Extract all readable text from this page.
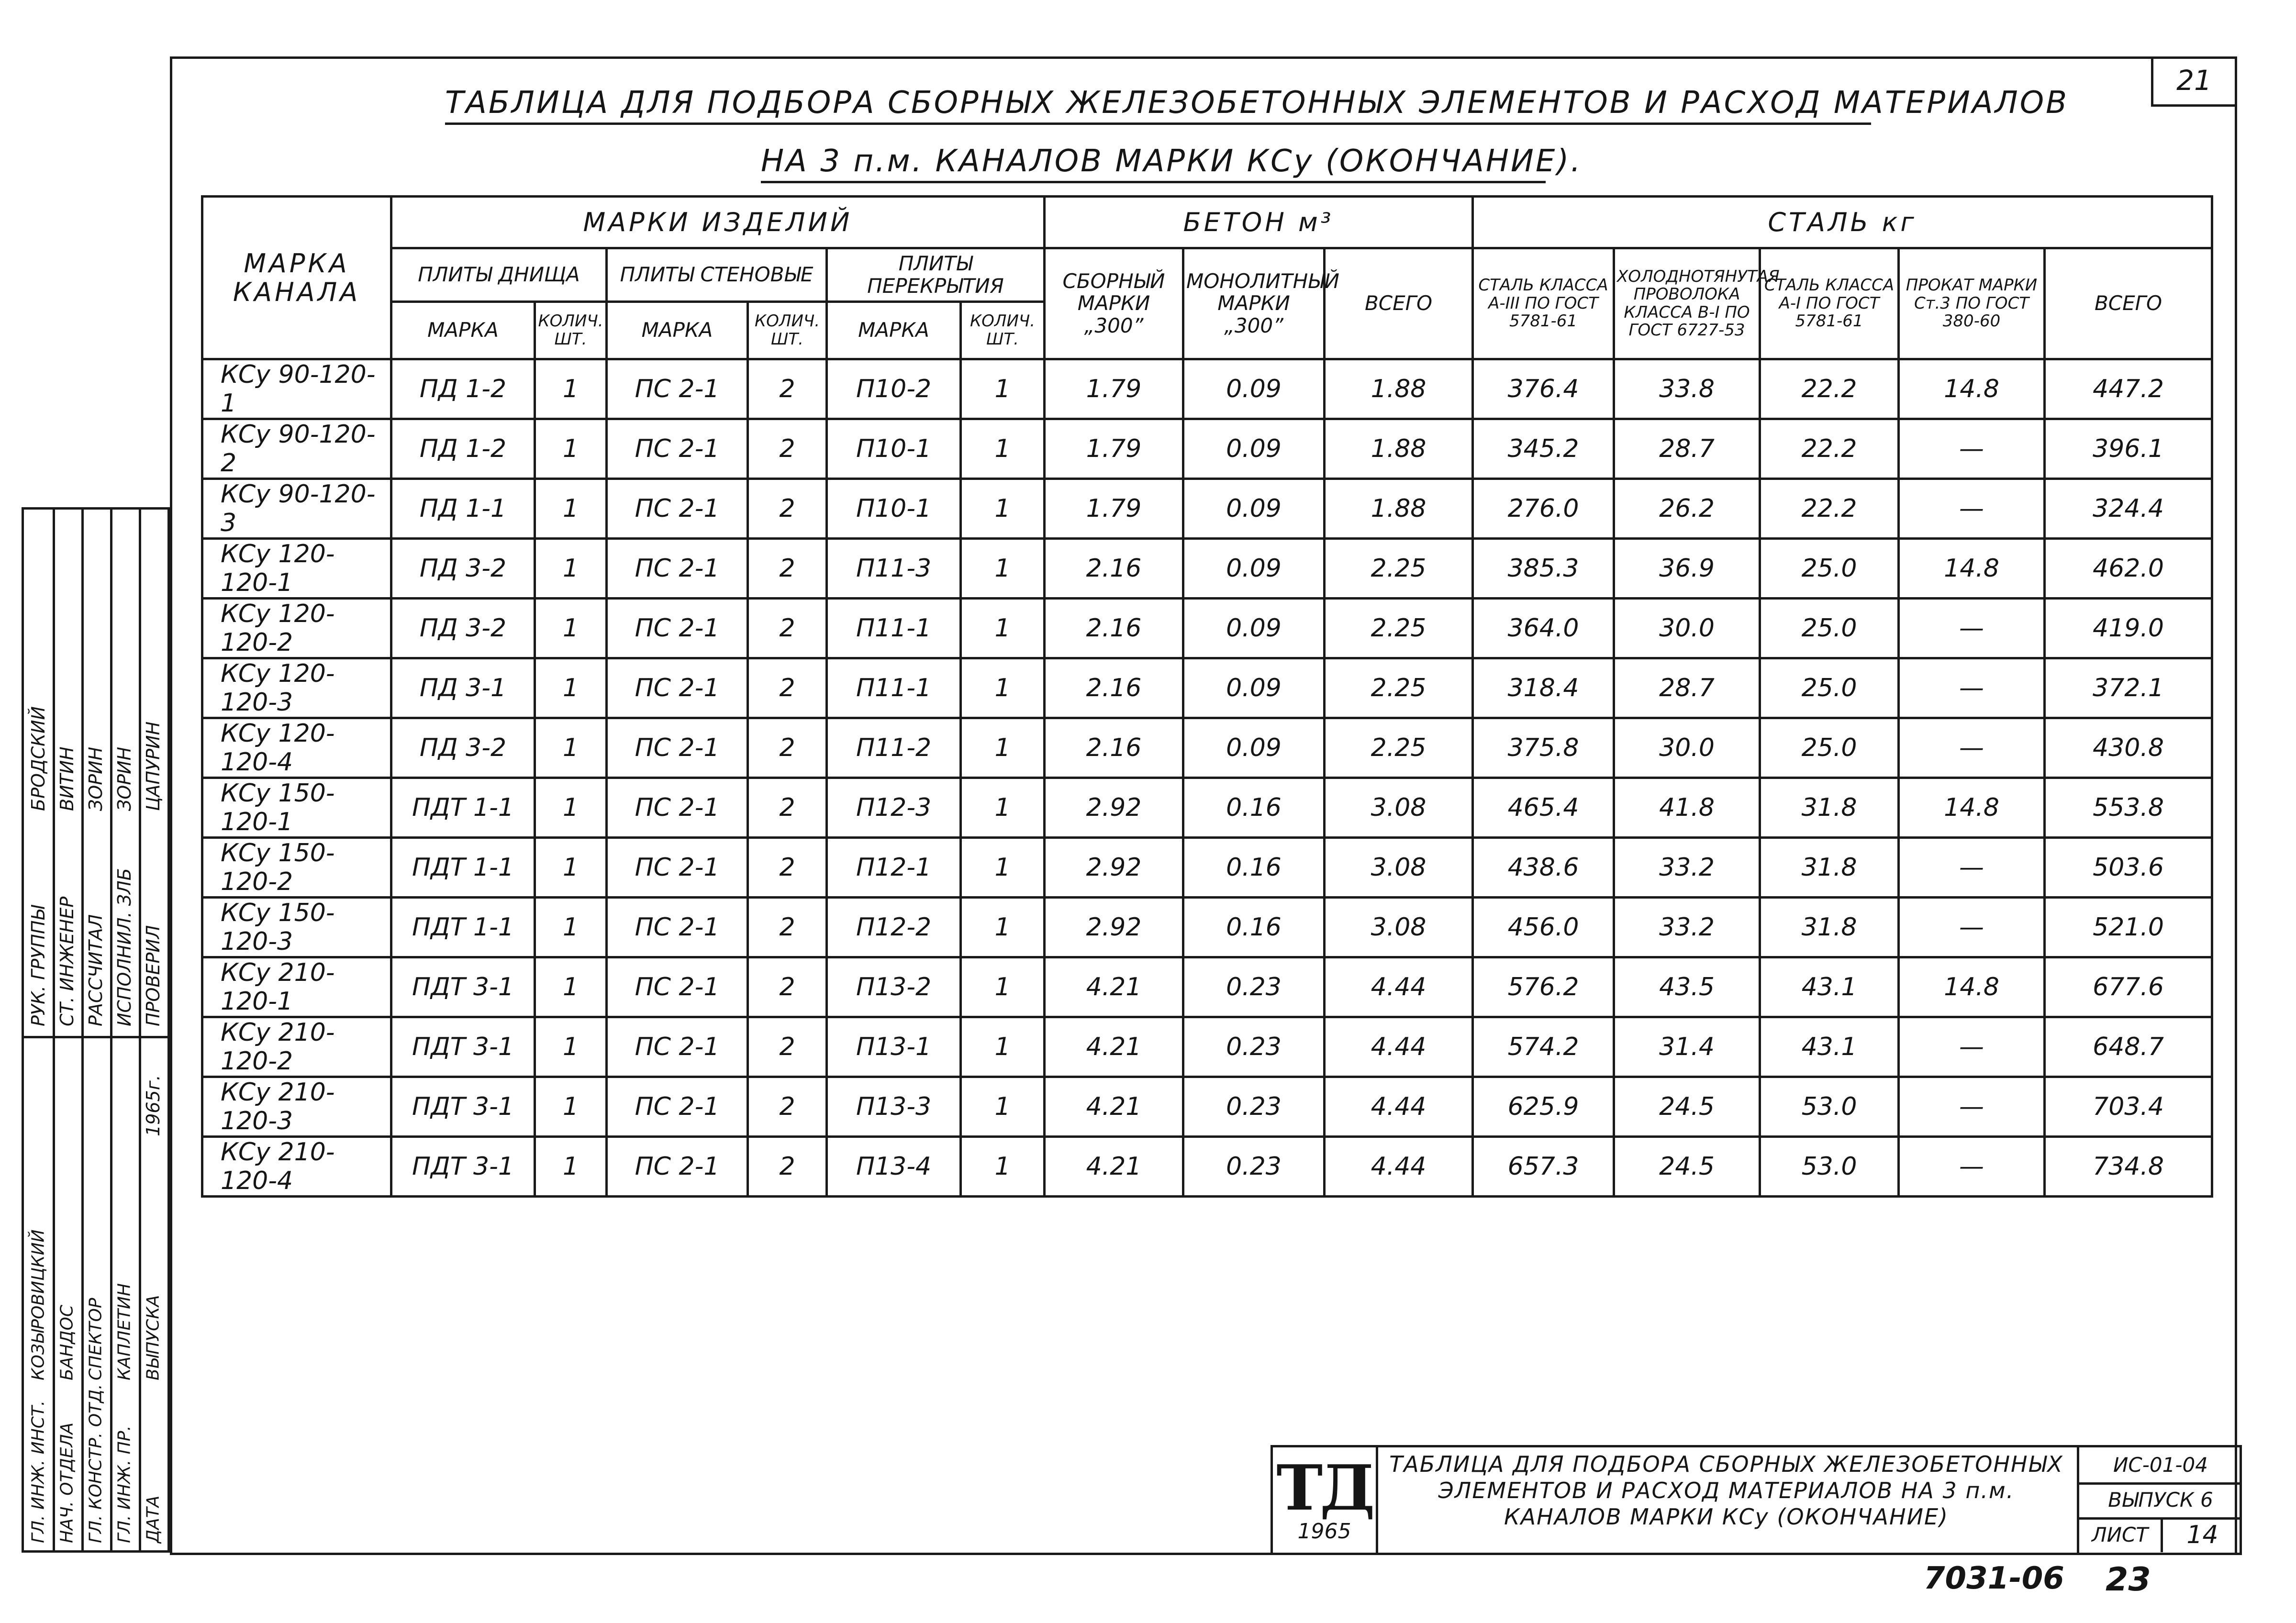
21
ТАБЛИЦА ДЛЯ ПОДБОРА СБОРНЫХ ЖЕЛЕЗОБЕТОННЫХ ЭЛЕМЕНТОВ И РАСХОД МАТЕРИАЛОВ
НА 3 п.м. КАНАЛОВ МАРКИ КСу (ОКОНЧАНИЕ).
МАРКА КАНАЛА	МАРКИ ИЗДЕЛИЙ						БЕТОН м³			СТАЛЬ кг				
	ПЛИТЫ ДНИЩА		ПЛИТЫ СТЕНОВЫЕ		ПЛИТЫ ПЕРЕКРЫТИЯ		СБОРНЫЙ МАРКИ „300”	МОНОЛИТНЫЙ МАРКИ „300”	ВСЕГО	СТАЛЬ КЛАССА А-III ПО ГОСТ 5781-61	ХОЛОДНОТЯНУТАЯ ПРОВОЛОКА КЛАССА В-I ПО ГОСТ 6727-53	СТАЛЬ КЛАССА А-I ПО ГОСТ 5781-61	ПРОКАТ МАРКИ Ст.3 ПО ГОСТ 380-60	ВСЕГО
	МАРКА	КОЛИЧ. ШТ.	МАРКА	КОЛИЧ. ШТ.	МАРКА	КОЛИЧ. ШТ.								
КСу 90-120-1	ПД 1-2	1	ПС 2-1	2	П10-2	1	1.79	0.09	1.88	376.4	33.8	22.2	14.8	447.2
КСу 90-120-2	ПД 1-2	1	ПС 2-1	2	П10-1	1	1.79	0.09	1.88	345.2	28.7	22.2	—	396.1
КСу 90-120-3	ПД 1-1	1	ПС 2-1	2	П10-1	1	1.79	0.09	1.88	276.0	26.2	22.2	—	324.4
КСу 120-120-1	ПД 3-2	1	ПС 2-1	2	П11-3	1	2.16	0.09	2.25	385.3	36.9	25.0	14.8	462.0
КСу 120-120-2	ПД 3-2	1	ПС 2-1	2	П11-1	1	2.16	0.09	2.25	364.0	30.0	25.0	—	419.0
КСу 120-120-3	ПД 3-1	1	ПС 2-1	2	П11-1	1	2.16	0.09	2.25	318.4	28.7	25.0	—	372.1
КСу 120-120-4	ПД 3-2	1	ПС 2-1	2	П11-2	1	2.16	0.09	2.25	375.8	30.0	25.0	—	430.8
КСу 150-120-1	ПДТ 1-1	1	ПС 2-1	2	П12-3	1	2.92	0.16	3.08	465.4	41.8	31.8	14.8	553.8
КСу 150-120-2	ПДТ 1-1	1	ПС 2-1	2	П12-1	1	2.92	0.16	3.08	438.6	33.2	31.8	—	503.6
КСу 150-120-3	ПДТ 1-1	1	ПС 2-1	2	П12-2	1	2.92	0.16	3.08	456.0	33.2	31.8	—	521.0
КСу 210-120-1	ПДТ 3-1	1	ПС 2-1	2	П13-2	1	4.21	0.23	4.44	576.2	43.5	43.1	14.8	677.6
КСу 210-120-2	ПДТ 3-1	1	ПС 2-1	2	П13-1	1	4.21	0.23	4.44	574.2	31.4	43.1	—	648.7
КСу 210-120-3	ПДТ 3-1	1	ПС 2-1	2	П13-3	1	4.21	0.23	4.44	625.9	24.5	53.0	—	703.4
КСу 210-120-4	ПДТ 3-1	1	ПС 2-1	2	П13-4	1	4.21	0.23	4.44	657.3	24.5	53.0	—	734.8
РУК. ГРУППЫ
БРОДСКИЙ
СТ. ИНЖЕНЕР
ВИТИН
РАССЧИТАЛ
ЗОРИН
ИСПОЛНИЛ. ЗЛБ
ЗОРИН
ПРОВЕРИЛ
ЦАПУРИН
ГЛ. ИНЖ. ИНСТ.
КОЗЫРОВИЦКИЙ
НАЧ. ОТДЕЛА
БАНДОС
ГЛ. КОНСТР. ОТД.
СПЕКТОР
ГЛ. ИНЖ. ПР.
КАПЛЕТИН
ДАТА
ВЫПУСКА
1965г.
ТД
1965
ТАБЛИЦА ДЛЯ ПОДБОРА СБОРНЫХ ЖЕЛЕЗОБЕТОННЫХ ЭЛЕМЕНТОВ И РАСХОД МАТЕРИАЛОВ НА 3 п.м. КАНАЛОВ МАРКИ КСу (ОКОНЧАНИЕ)
ИС-01-04
ВЫПУСК 6
ЛИСТ	14
7031-06 23
